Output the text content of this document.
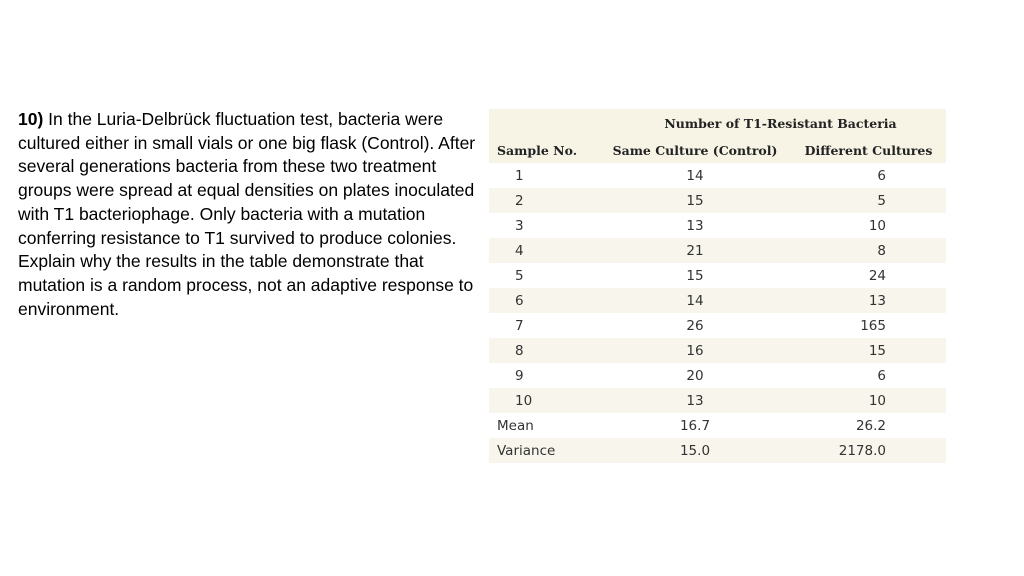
10) In the Luria-Delbrück fluctuation test, bacteria were cultured either in small vials or one big flask (Control). After several generations bacteria from these two treatment groups were spread at equal densities on plates inoculated with T1 bacteriophage. Only bacteria with a mutation conferring resistance to T1 survived to produce colonies. Explain why the results in the table demonstrate that mutation is a random process, not an adaptive response to environment.
Number of T1-Resistant Bacteria		
Sample No.	Same Culture (Control)	Different Cultures
1	14	6
2	15	5
3	13	10
4	21	8
5	15	24
6	14	13
7	26	165
8	16	15
9	20	6
10	13	10
Mean	16.7	26.2
Variance	15.0	2178.0
